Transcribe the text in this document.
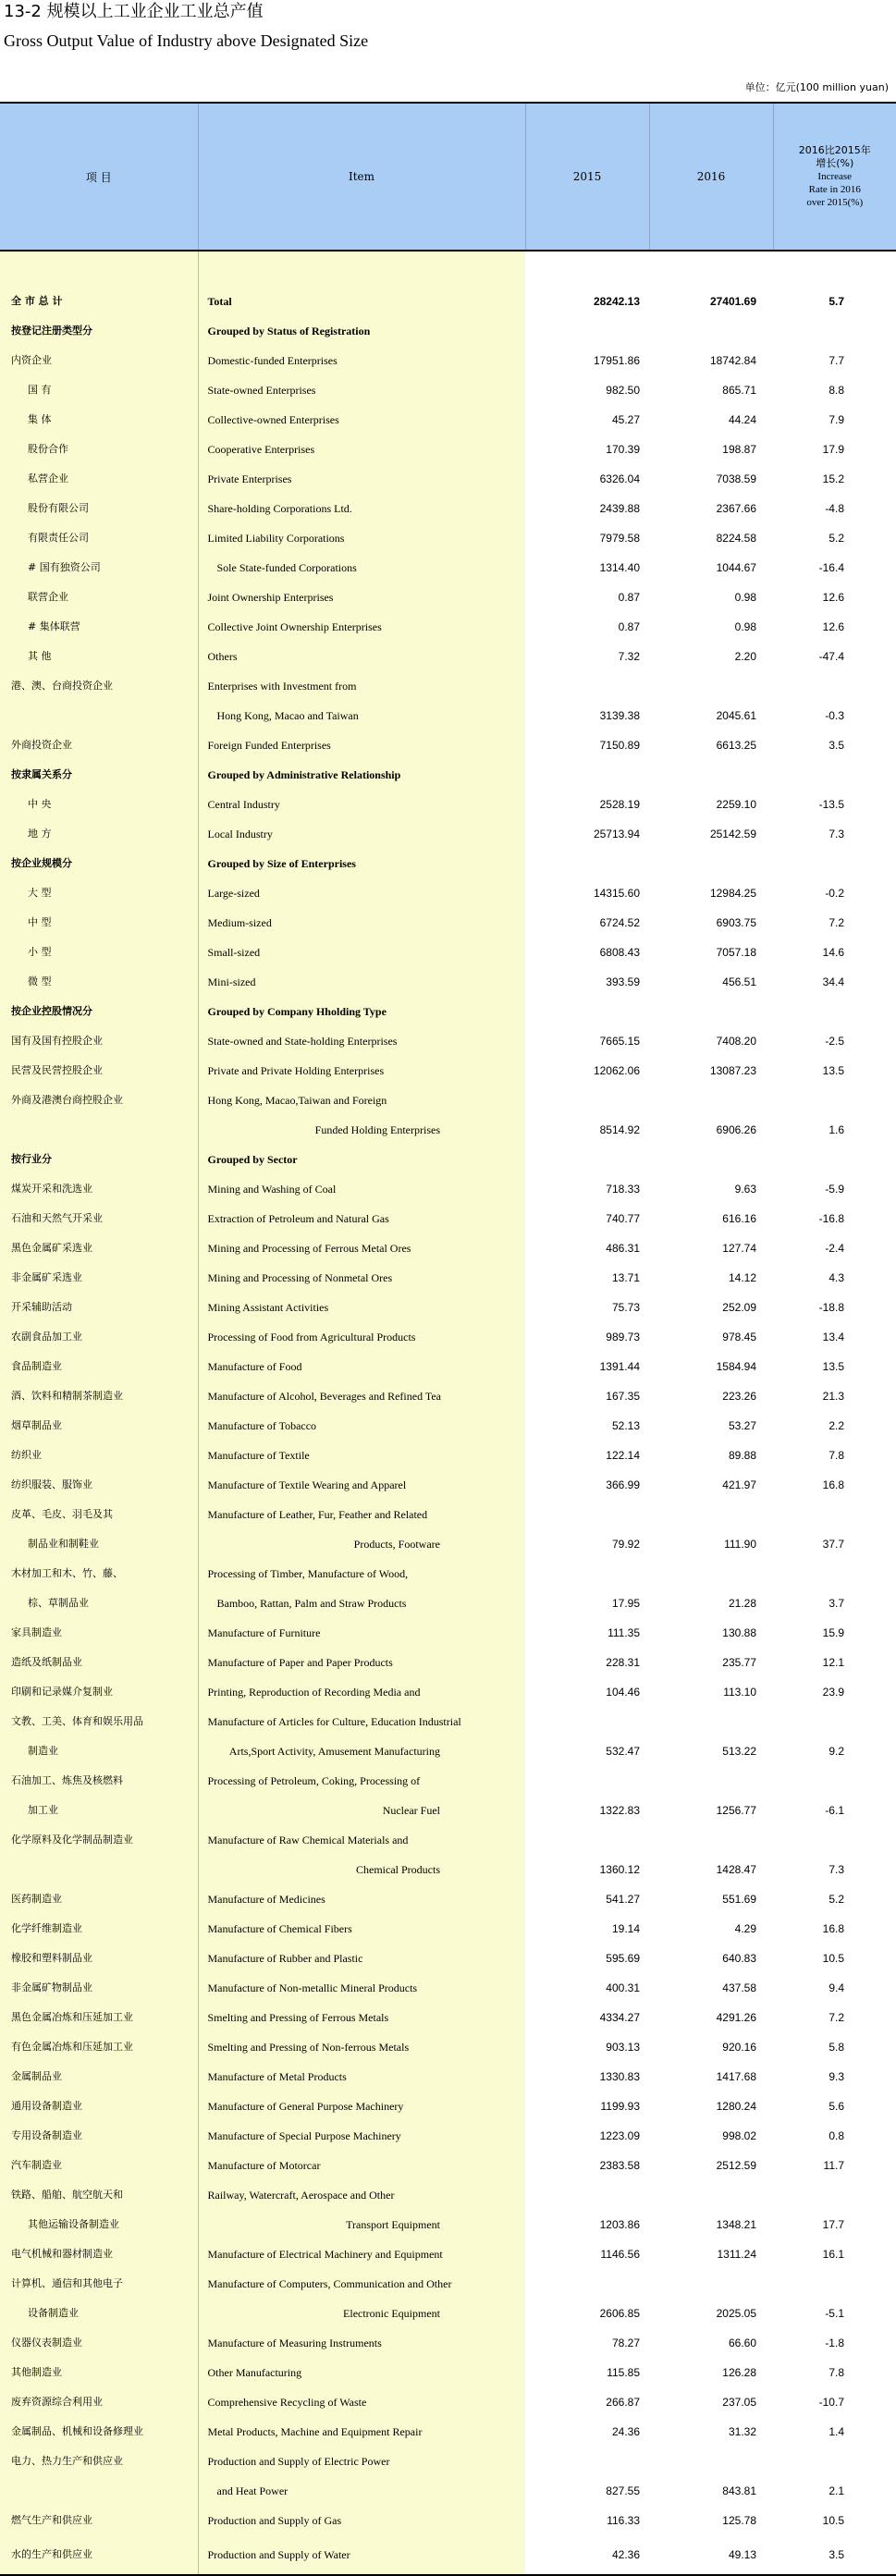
13-2 规模以上工业企业工业总产值
Gross Output Value of Industry above Designated Size
单位：亿元(100 million yuan)
项 目	Item	2015	2016	2016比2015年
增长(%)
Increase
Rate in 2016
over 2015(%)

全 市 总 计	Total	28242.13	27401.69	5.7
按登记注册类型分	Grouped by Status of Registration			
内资企业	Domestic-funded Enterprises	17951.86	18742.84	7.7
国 有	State-owned Enterprises	982.50	865.71	8.8
集 体	Collective-owned Enterprises	45.27	44.24	7.9
股份合作	Cooperative Enterprises	170.39	198.87	17.9
私营企业	Private Enterprises	6326.04	7038.59	15.2
股份有限公司	Share-holding Corporations Ltd.	2439.88	2367.66	-4.8
有限责任公司	Limited Liability Corporations	7979.58	8224.58	5.2
# 国有独资公司	Sole State-funded Corporations	1314.40	1044.67	-16.4
联营企业	Joint Ownership Enterprises	0.87	0.98	12.6
# 集体联营	Collective Joint Ownership Enterprises	0.87	0.98	12.6
其 他	Others	7.32	2.20	-47.4
港、澳、台商投资企业	Enterprises with Investment from			
	Hong Kong, Macao and Taiwan	3139.38	2045.61	-0.3
外商投资企业	Foreign Funded Enterprises	7150.89	6613.25	3.5
按隶属关系分	Grouped by Administrative Relationship			
中 央	Central Industry	2528.19	2259.10	-13.5
地 方	Local Industry	25713.94	25142.59	7.3
按企业规模分	Grouped by Size of Enterprises			
大 型	Large-sized	14315.60	12984.25	-0.2
中 型	Medium-sized	6724.52	6903.75	7.2
小 型	Small-sized	6808.43	7057.18	14.6
微 型	Mini-sized	393.59	456.51	34.4
按企业控股情况分	Grouped by Company Hholding Type			
国有及国有控股企业	State-owned and State-holding Enterprises	7665.15	7408.20	-2.5
民营及民营控股企业	Private and Private Holding Enterprises	12062.06	13087.23	13.5
外商及港澳台商控股企业	Hong Kong, Macao,Taiwan and Foreign			
	Funded Holding Enterprises	8514.92	6906.26	1.6
按行业分	Grouped by Sector			
煤炭开采和洗选业	Mining and Washing of Coal	718.33	9.63	-5.9
石油和天然气开采业	Extraction of Petroleum and Natural Gas	740.77	616.16	-16.8
黑色金属矿采选业	Mining and Processing of Ferrous Metal Ores	486.31	127.74	-2.4
非金属矿采选业	Mining and Processing of Nonmetal Ores	13.71	14.12	4.3
开采辅助活动	Mining Assistant Activities	75.73	252.09	-18.8
农副食品加工业	Processing of Food from Agricultural Products	989.73	978.45	13.4
食品制造业	Manufacture of Food	1391.44	1584.94	13.5
酒、饮料和精制茶制造业	Manufacture of Alcohol, Beverages and Refined Tea	167.35	223.26	21.3
烟草制品业	Manufacture of Tobacco	52.13	53.27	2.2
纺织业	Manufacture of Textile	122.14	89.88	7.8
纺织服装、服饰业	Manufacture of Textile Wearing and Apparel	366.99	421.97	16.8
皮革、毛皮、羽毛及其	Manufacture of Leather, Fur, Feather and Related			
制品业和制鞋业	Products, Footware	79.92	111.90	37.7
木材加工和木、竹、藤、	Processing of Timber, Manufacture of Wood,			
棕、草制品业	Bamboo, Rattan, Palm and Straw Products	17.95	21.28	3.7
家具制造业	Manufacture of Furniture	111.35	130.88	15.9
造纸及纸制品业	Manufacture of Paper and Paper Products	228.31	235.77	12.1
印刷和记录媒介复制业	Printing, Reproduction of Recording Media and	104.46	113.10	23.9
文教、工美、体育和娱乐用品	Manufacture of Articles for Culture, Education Industrial			
制造业	Arts,Sport Activity, Amusement Manufacturing	532.47	513.22	9.2
石油加工、炼焦及核燃料	Processing of Petroleum, Coking, Processing of			
加工业	Nuclear Fuel	1322.83	1256.77	-6.1
化学原料及化学制品制造业	Manufacture of Raw Chemical Materials and			
	Chemical Products	1360.12	1428.47	7.3
医药制造业	Manufacture of Medicines	541.27	551.69	5.2
化学纤维制造业	Manufacture of Chemical Fibers	19.14	4.29	16.8
橡胶和塑料制品业	Manufacture of Rubber and Plastic	595.69	640.83	10.5
非金属矿物制品业	Manufacture of Non-metallic Mineral Products	400.31	437.58	9.4
黑色金属冶炼和压延加工业	Smelting and Pressing of Ferrous Metals	4334.27	4291.26	7.2
有色金属冶炼和压延加工业	Smelting and Pressing of Non-ferrous Metals	903.13	920.16	5.8
金属制品业	Manufacture of Metal Products	1330.83	1417.68	9.3
通用设备制造业	Manufacture of General Purpose Machinery	1199.93	1280.24	5.6
专用设备制造业	Manufacture of Special Purpose Machinery	1223.09	998.02	0.8
汽车制造业	Manufacture of Motorcar	2383.58	2512.59	11.7
铁路、船舶、航空航天和	Railway, Watercraft, Aerospace and Other			
其他运输设备制造业	Transport Equipment	1203.86	1348.21	17.7
电气机械和器材制造业	Manufacture of Electrical Machinery and Equipment	1146.56	1311.24	16.1
计算机、通信和其他电子	Manufacture of Computers, Communication and Other			
设备制造业	Electronic Equipment	2606.85	2025.05	-5.1
仪器仪表制造业	Manufacture of Measuring Instruments	78.27	66.60	-1.8
其他制造业	Other Manufacturing	115.85	126.28	7.8
废弃资源综合利用业	Comprehensive Recycling of Waste	266.87	237.05	-10.7
金属制品、机械和设备修理业	Metal Products, Machine and Equipment Repair	24.36	31.32	1.4
电力、热力生产和供应业	Production and Supply of Electric Power			
	and Heat Power	827.55	843.81	2.1
燃气生产和供应业	Production and Supply of Gas	116.33	125.78	10.5
水的生产和供应业	Production and Supply of Water	42.36	49.13	3.5
